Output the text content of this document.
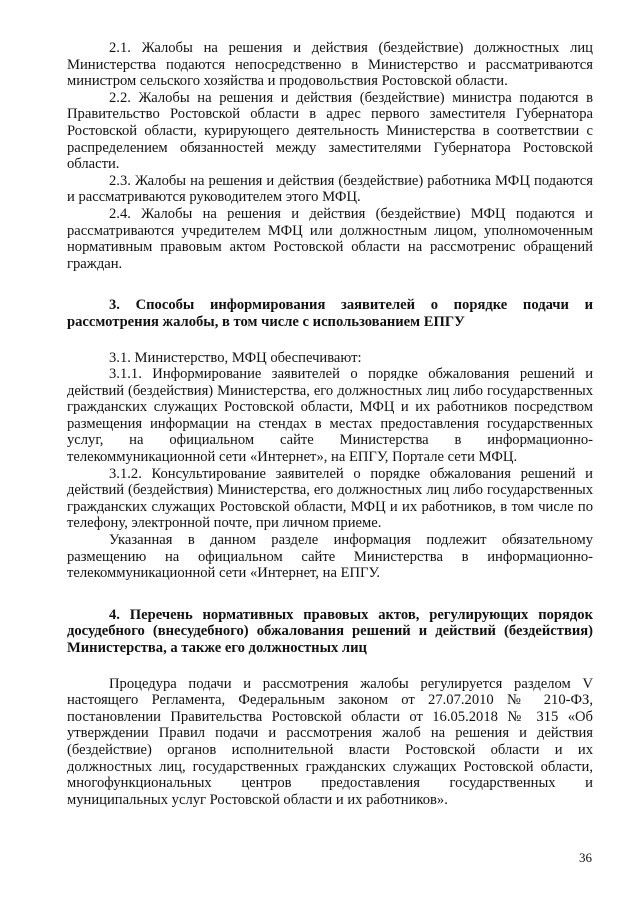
2.1. Жалобы на решения и действия (бездействие) должностных лиц Министерства подаются непосредственно в Министерство и рассматриваются министром сельского хозяйства и продовольствия Ростовской области.

2.2. Жалобы на решения и действия (бездействие) министра подаются в Правительство Ростовской области в адрес первого заместителя Губернатора Ростовской области, курирующего деятельность Министерства в соответствии с распределением обязанностей между заместителями Губернатора Ростовской области.

2.3. Жалобы на решения и действия (бездействие) работника МФЦ подаются и рассматриваются руководителем этого МФЦ.

2.4. Жалобы на решения и действия (бездействие) МФЦ подаются и рассматриваются учредителем МФЦ или должностным лицом, уполномоченным нормативным правовым актом Ростовской области на рассмотренис обращений граждан.

3. Способы информирования заявителей о порядке подачи и рассмотрения жалобы, в том числе с использованием ЕПГУ

3.1. Министерство, МФЦ обеспечивают:

3.1.1. Информирование заявителей о порядке обжалования решений и действий (бездействия) Министерства, его должностных лиц либо государственных гражданских служащих Ростовской области, МФЦ и их работников посредством размещения информации на стендах в местах предоставления государственных услуг, на официальном сайте Министерства в информационно-телекоммуникационной сети «Интернет», на ЕПГУ, Портале сети МФЦ.

3.1.2. Консультирование заявителей о порядке обжалования решений и действий (бездействия) Министерства, его должностных лиц либо государственных гражданских служащих Ростовской области, МФЦ и их работников, в том числе по телефону, электронной почте, при личном приеме.

Указанная в данном разделе информация подлежит обязательному размещению на официальном сайте Министерства в информационно-телекоммуникационной сети «Интернет, на ЕПГУ.

4. Перечень нормативных правовых актов, регулирующих порядок досудебного (внесудебного) обжалования решений и действий (бездействия) Министерства, а также его должностных лиц

Процедура подачи и рассмотрения жалобы регулируется разделом V настоящего Регламента, Федеральным законом от 27.07.2010 № 210-ФЗ, постановлении Правительства Ростовской области от 16.05.2018 № 315 «Об утверждении Правил подачи и рассмотрения жалоб на решения и действия (бездействие) органов исполнительной власти Ростовской области и их должностных лиц, государственных гражданских служащих Ростовской области, многофункциональных центров предоставления государственных и муниципальных услуг Ростовской области и их работников».

36
